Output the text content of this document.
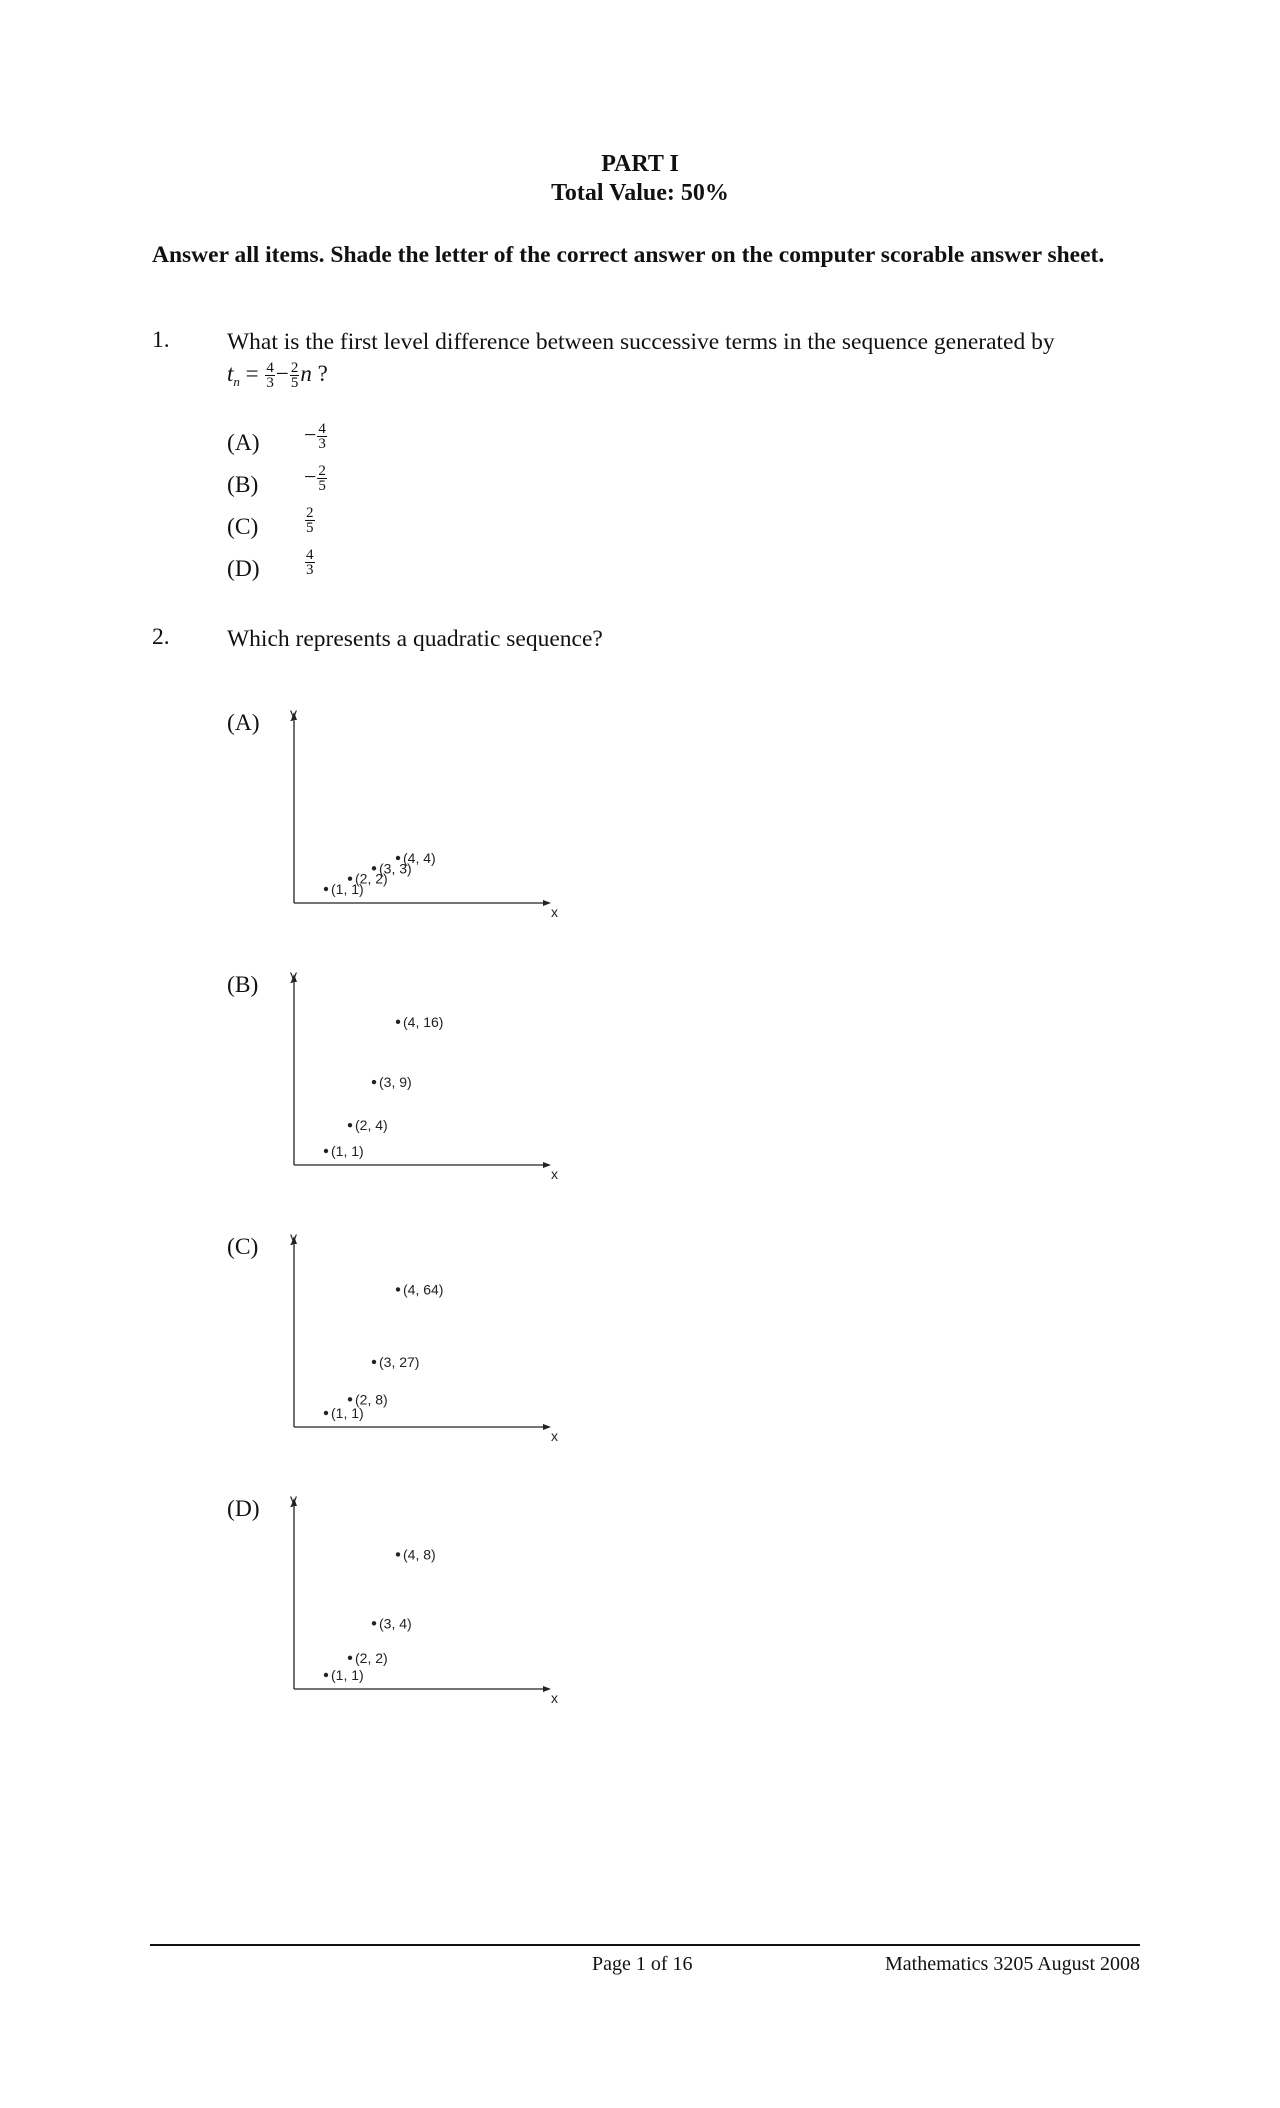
PART I
Total Value: 50%
Answer all items. Shade the letter of the correct answer on the computer scorable answer sheet.
1. What is the first level difference between successive terms in the sequence generated by
$t_n = \frac{4}{3} - \frac{2}{5}$ n ?
$(A) - \frac{4}{3}$
$(B) - \frac{2}{5}$
(C)	$\frac{2}{5}$
(D)	$\frac{4}{3}$
2. Which represents a quadratic sequence?
(A) y
x
(1, 1)
(2, 2)
(3, 3)
(4, 4)
(B) y
x
(1, 1)
(2, 4)
(3, 9)
(4, 16)
(C) y
x
(1, 1)
(2, 8)
(3, 27)
(4, 64)
(D) y
x
(1, 1)
(2, 2)
(3, 4)
(4, 8)
Page 1 of 16	Mathematics 3205 August 2008
